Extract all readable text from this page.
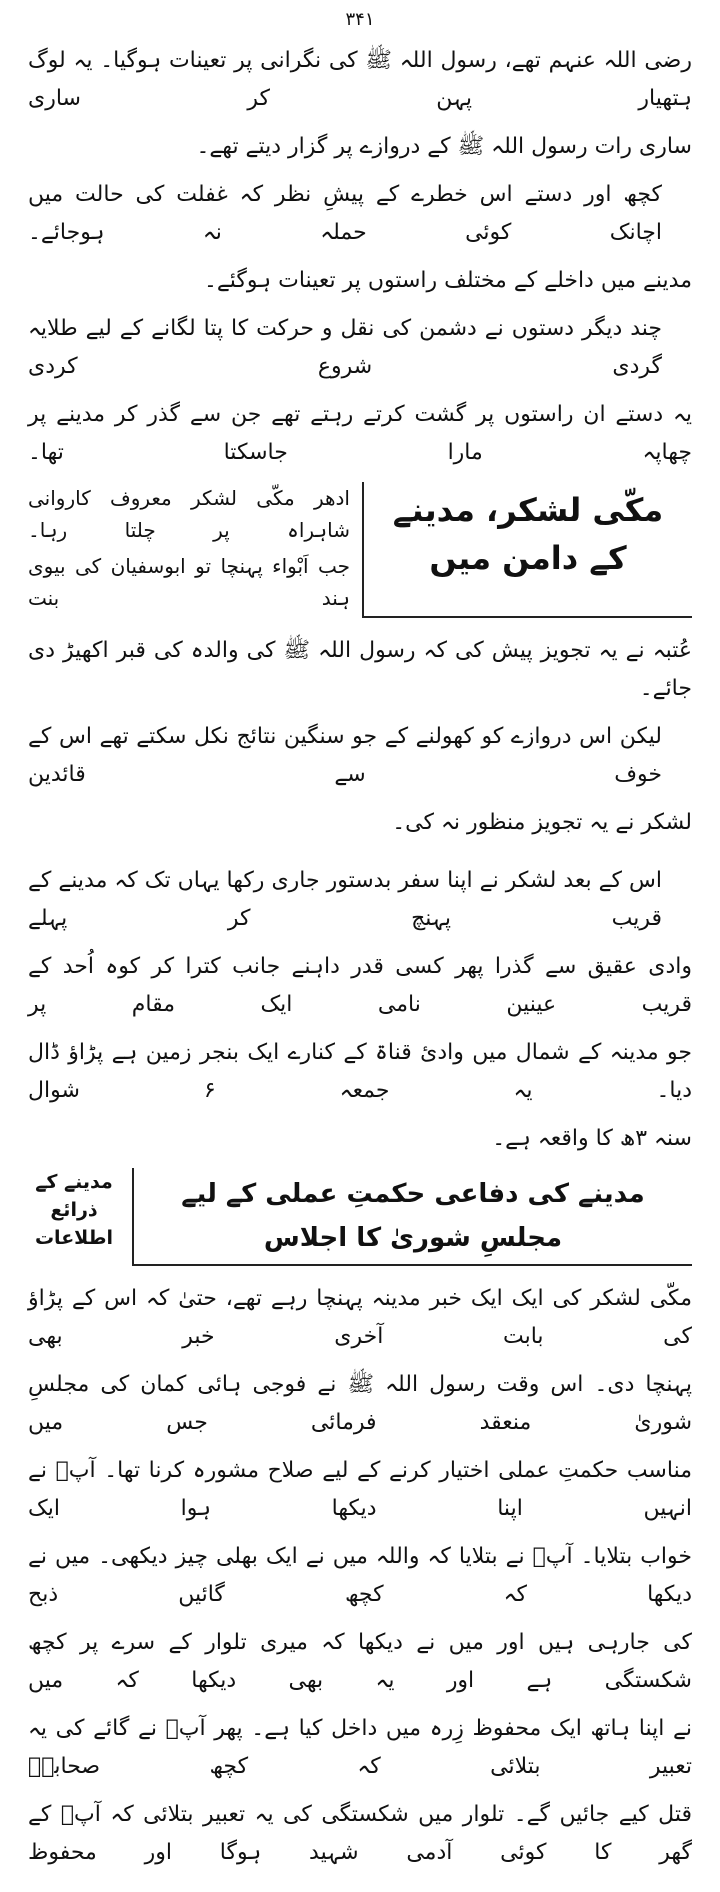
۳۴۱
رضی اللہ عنہم تھے، رسول اللہ ﷺ کی نگرانی پر تعینات ہوگیا۔ یہ لوگ ہتھیار پہن کر ساری
ساری رات رسول اللہ ﷺ کے دروازے پر گزار دیتے تھے۔
کچھ اور دستے اس خطرے کے پیشِ نظر کہ غفلت کی حالت میں اچانک کوئی حملہ نہ ہوجائے۔
مدینے میں داخلے کے مختلف راستوں پر تعینات ہوگئے۔
چند دیگر دستوں نے دشمن کی نقل و حرکت کا پتا لگانے کے لیے طلایہ گردی شروع کردی
یہ دستے ان راستوں پر گشت کرتے رہتے تھے جن سے گذر کر مدینے پر چھاپہ مارا جاسکتا تھا۔
مکّی لشکر، مدینے کے دامن میں
ادھر مکّی لشکر معروف کاروانی شاہراہ پر چلتا رہا۔
جب اَبْواء پہنچا تو ابوسفیان کی بیوی ہند بنت
عُتبہ نے یہ تجویز پیش کی کہ رسول اللہ ﷺ کی والدہ کی قبر اکھیڑ دی جائے۔
لیکن اس دروازے کو کھولنے کے جو سنگین نتائج نکل سکتے تھے اس کے خوف سے قائدین
لشکر نے یہ تجویز منظور نہ کی۔
اس کے بعد لشکر نے اپنا سفر بدستور جاری رکھا یہاں تک کہ مدینے کے قریب پہنچ کر پہلے
وادی عقیق سے گذرا پھر کسی قدر داہنے جانب کترا کر کوہ اُحد کے قریب عینین نامی ایک مقام پر
جو مدینہ کے شمال میں وادیٔ قناۃ کے کنارے ایک بنجر زمین ہے پڑاؤ ڈال دیا۔ یہ جمعہ ۶ شوال
سنہ ۳ھ کا واقعہ ہے۔
مدینے کی دفاعی حکمتِ عملی کے لیے مجلسِ شوریٰ کا اجلاس
مدینے کے
ذرائع اطلاعات
مکّی لشکر کی ایک ایک خبر مدینہ پہنچا رہے تھے، حتیٰ کہ اس کے پڑاؤ کی بابت آخری خبر بھی
پہنچا دی۔ اس وقت رسول اللہ ﷺ نے فوجی ہائی کمان کی مجلسِ شوریٰ منعقد فرمائی جس میں
مناسب حکمتِ عملی اختیار کرنے کے لیے صلاح مشورہ کرنا تھا۔ آپؐ نے انہیں اپنا دیکھا ہوا ایک
خواب بتلایا۔ آپؐ نے بتلایا کہ واللہ میں نے ایک بھلی چیز دیکھی۔ میں نے دیکھا کہ کچھ گائیں ذبح
کی جارہی ہیں اور میں نے دیکھا کہ میری تلوار کے سرے پر کچھ شکستگی ہے اور یہ بھی دیکھا کہ میں
نے اپنا ہاتھ ایک محفوظ زِرہ میں داخل کیا ہے۔ پھر آپؐ نے گائے کی یہ تعبیر بتلائی کہ کچھ صحابہؓ
قتل کیے جائیں گے۔ تلوار میں شکستگی کی یہ تعبیر بتلائی کہ آپؐ کے گھر کا کوئی آدمی شہید ہوگا اور محفوظ
